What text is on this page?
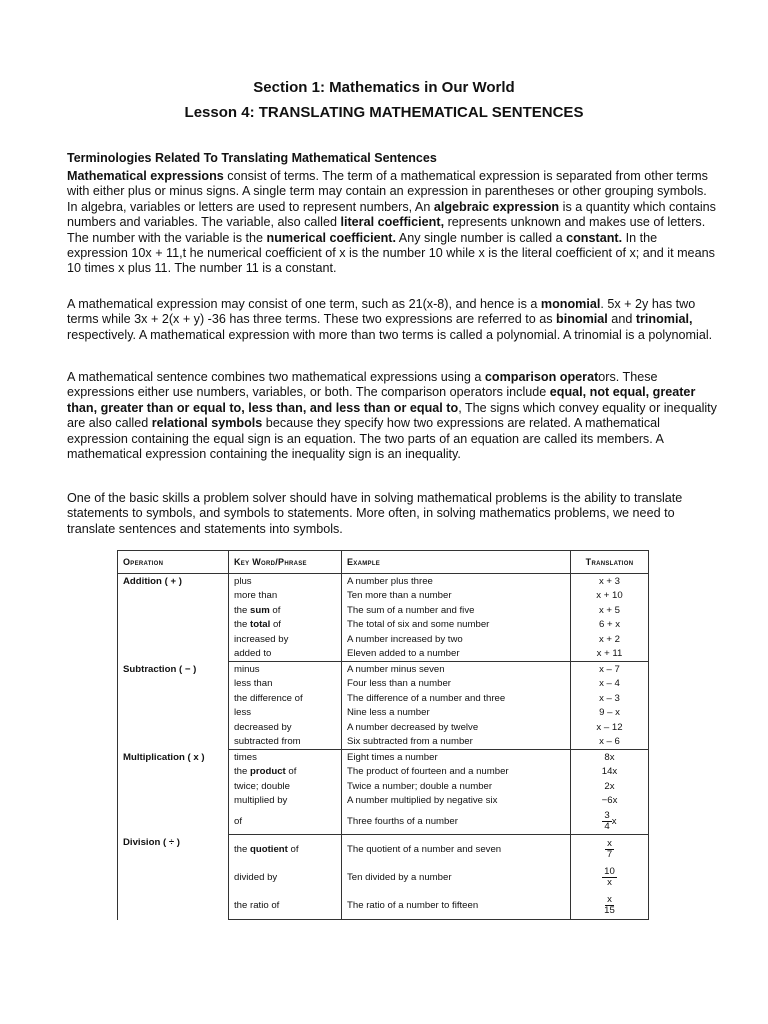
Section 1: Mathematics in Our World
Lesson 4: TRANSLATING MATHEMATICAL SENTENCES
Terminologies Related To Translating Mathematical Sentences

Mathematical expressions consist of terms. The term of a mathematical expression is separated from other terms with either plus or minus signs. A single term may contain an expression in parentheses or other grouping symbols. In algebra, variables or letters are used to represent numbers, An algebraic expression is a quantity which contains numbers and variables. The variable, also called literal coefficient, represents unknown and makes use of letters. The number with the variable is the numerical coefficient. Any single number is called a constant. In the expression 10x + 11,t he numerical coefficient of x is the number 10 while x is the literal coefficient of x; and it means 10 times x plus 11. The number 11 is a constant.

A mathematical expression may consist of one term, such as 21(x-8), and hence is a monomial. 5x + 2y has two terms while 3x + 2(x + y) -36 has three terms. These two expressions are referred to as binomial and trinomial, respectively. A mathematical expression with more than two terms is called a polynomial. A trinomial is a polynomial.

A mathematical sentence combines two mathematical expressions using a comparison operators. These expressions either use numbers, variables, or both. The comparison operators include equal, not equal, greater than, greater than or equal to, less than, and less than or equal to, The signs which convey equality or inequality are also called relational symbols because they specify how two expressions are related. A mathematical expression containing the equal sign is an equation. The two parts of an equation are called its members. A mathematical expression containing the inequality sign is an inequality.

One of the basic skills a problem solver should have in solving mathematical problems is the ability to translate statements to symbols, and symbols to statements. More often, in solving mathematics problems, we need to translate sentences and statements into symbols.

Operation	Key Word/Phrase	Example	Translation
Addition ( + )	plus	A number plus three	x + 3
	more than	Ten more than a number	x + 10
	the sum of	The sum of a number and five	x + 5
	the total of	The total of six and some number	6 + x
	increased by	A number increased by two	x + 2
	added to	Eleven added to a number	x + 11
Subtraction ( − )	minus	A number minus seven	x – 7
	less than	Four less than a number	x – 4
	the difference of	The difference of a number and three	x – 3
	less	Nine less a number	9 – x
	decreased by	A number decreased by twelve	x – 12
	subtracted from	Six subtracted from a number	x – 6
Multiplication ( x )	times	Eight times a number	8x
	the product of	The product of fourteen and a number	14x
	twice; double	Twice a number; double a number	2x
	multiplied by	A number multiplied by negative six	−6x
	of	Three fourths of a number	$\frac{3}{4}$ x
Division ( ÷ )	the quotient of	The quotient of a number and seven	$\frac{x}{7}$

	divided by	Ten divided by a number	$\frac{10}{x}$

	the ratio of	The ratio of a number to fifteen	$\frac{x}{15}$
